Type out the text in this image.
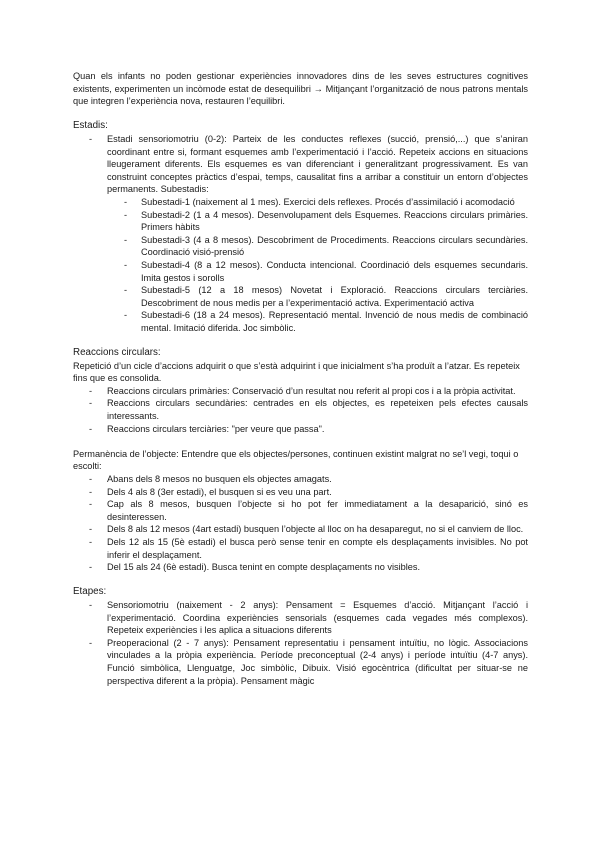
Quan els infants no poden gestionar experiències innovadores dins de les seves estructures cognitives existents, experimenten un incòmode estat de desequilibri → Mitjançant l’organització de nous patrons mentals que integren l’experiència nova, restauren l’equilibri.

Estadis:

- Estadi sensoriomotriu (0-2): Parteix de les conductes reflexes (succió, prensió,...) que s’aniran coordinant entre si, formant esquemes amb l’experimentació i l’acció. Repeteix accions en situacions lleugerament diferents. Els esquemes es van diferenciant i generalitzant progressivament. Es van construint conceptes pràctics d’espai, temps, causalitat fins a arribar a constituir un entorn d’objectes permanents. Subestadis:
- Subestadi-1 (naixement al 1 mes). Exercici dels reflexes. Procés d’assimilació i acomodació
- Subestadi-2 (1 a 4 mesos). Desenvolupament dels Esquemes. Reaccions circulars primàries. Primers hàbits
- Subestadi-3 (4 a 8 mesos). Descobriment de Procediments. Reaccions circulars secundàries. Coordinació visió-prensió
- Subestadi-4 (8 a 12 mesos). Conducta intencional. Coordinació dels esquemes secundaris. Imita gestos i sorolls
- Subestadi-5 (12 a 18 mesos) Novetat i Exploració. Reaccions circulars terciàries. Descobriment de nous medis per a l’experimentació activa. Experimentació activa
- Subestadi-6 (18 a 24 mesos). Representació mental. Invenció de nous medis de combinació mental. Imitació diferida. Joc simbòlic.

Reaccions circulars:

Repetició d’un cicle d’accions adquirit o que s’està adquirint i que inicialment s’ha produït a l’atzar. Es repeteix fins que es consolida.

- Reaccions circulars primàries: Conservació d’un resultat nou referit al propi cos i a la pròpia activitat.
- Reaccions circulars secundàries: centrades en els objectes, es repeteixen pels efectes causals interessants.
- Reaccions circulars terciàries: "per veure que passa".

Permanència de l’objecte: Entendre que els objectes/persones, continuen existint malgrat no se’l vegi, toqui o escolti:

- Abans dels 8 mesos no busquen els objectes amagats.
- Dels 4 als 8 (3er estadi), el busquen si es veu una part.
- Cap als 8 mesos, busquen l’objecte si ho pot fer immediatament a la desaparició, sinó es desinteressen.
- Dels 8 als 12 mesos (4art estadi) busquen l’objecte al lloc on ha desaparegut, no si el canviem de lloc.
- Dels 12 als 15 (5è estadi) el busca però sense tenir en compte els desplaçaments invisibles. No pot inferir el desplaçament.
- Del 15 als 24 (6è estadi). Busca tenint en compte desplaçaments no visibles.

Etapes:

- Sensoriomotriu (naixement - 2 anys): Pensament = Esquemes d’acció. Mitjançant l’acció i l’experimentació. Coordina experiències sensorials (esquemes cada vegades més complexos). Repeteix experiències i les aplica a situacions diferents
- Preoperacional (2 - 7 anys): Pensament representatiu i pensament intuïtiu, no lògic. Associacions vinculades a la pròpia experiència. Període preconceptual (2-4 anys) i període intuïtiu (4-7 anys). Funció simbòlica, Llenguatge, Joc simbòlic, Dibuix. Visió egocèntrica (dificultat per situar-se ne perspectiva diferent a la pròpia). Pensament màgic
